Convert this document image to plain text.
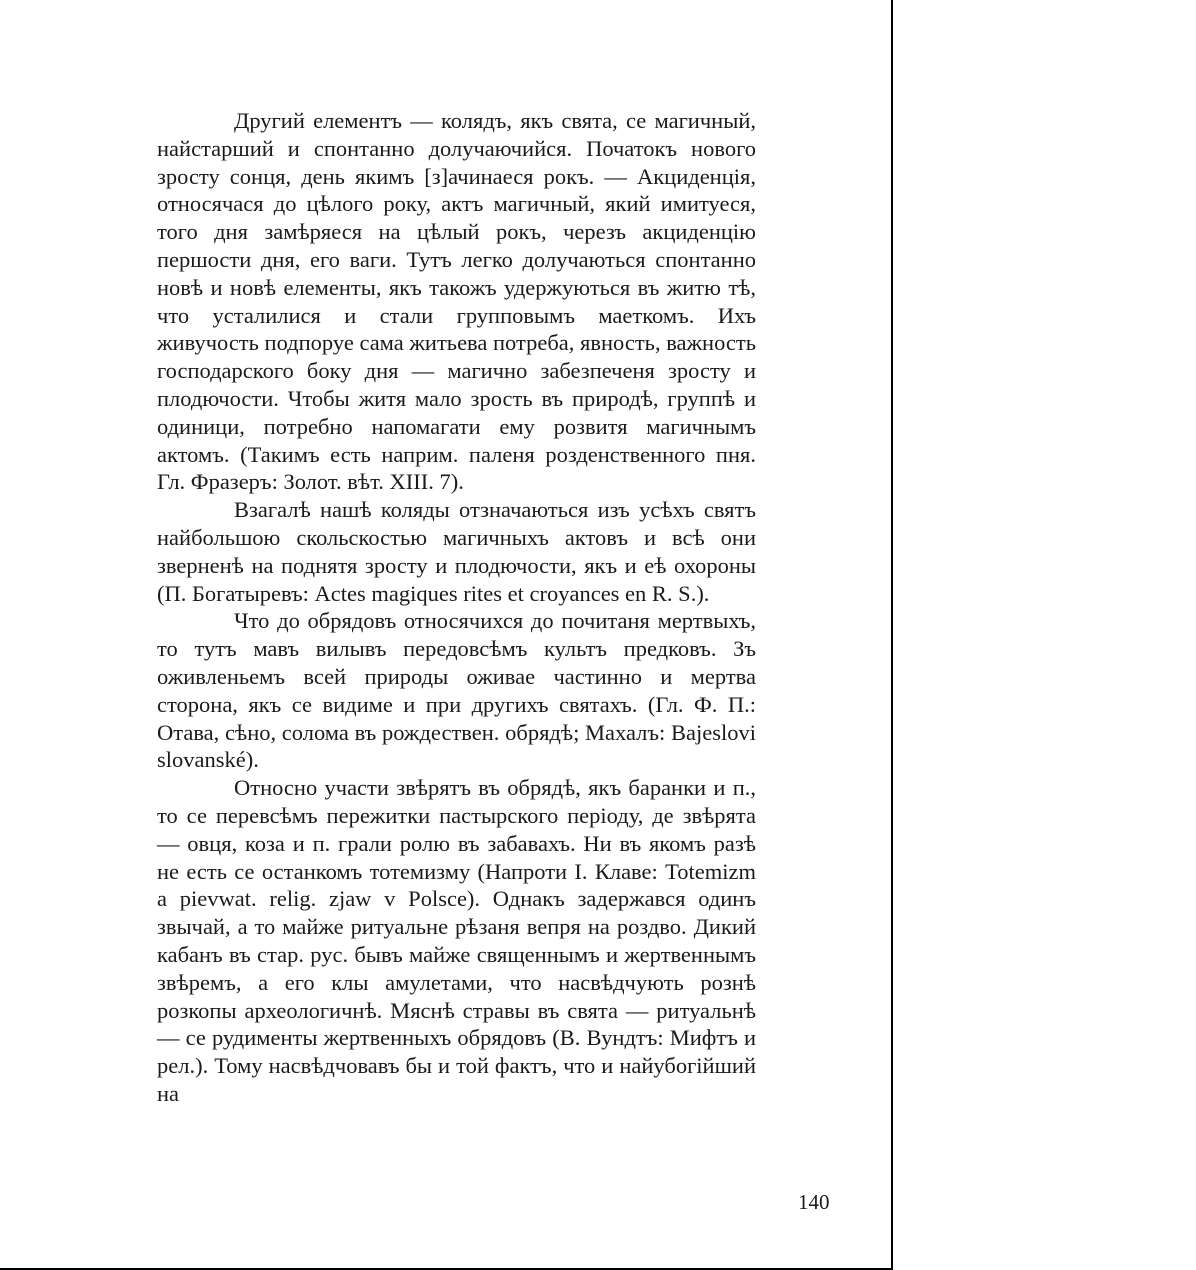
Другий елементъ — колядъ, якъ свята, се магичный, найстарший и спонтанно долучаючийся. Початокъ нового зросту сонця, день якимъ [з]ачинаеся рокъ. — Акциденція, относячася до цѣлого року, актъ магичный, який имитуеся, того дня замѣряеся на цѣлый рокъ, черезъ акциденцію першости дня, его ваги. Тутъ легко долучаються спонтанно новѣ и новѣ елементы, якъ такожъ удержуються въ житю тѣ, что усталилися и стали групповымъ маеткомъ. Ихъ живучость подпоруе сама житьева потреба, явность, важность господарского боку дня — магично забезпеченя зросту и плодючости. Чтобы житя мало зрость въ природѣ, группѣ и одиници, потребно напомагати ему розвитя магичнымъ актомъ. (Такимъ есть наприм. паленя розденственного пня. Гл. Фразеръ: Золот. вѣт. XIII. 7).

Взагалѣ нашѣ коляды отзначаються изъ усѣхъ святъ найбольшою скольскостью магичныхъ актовъ и всѣ они зверненѣ на поднятя зросту и плодючости, якъ и еѣ охороны (П. Богатыревъ: Actes magiques rites et croyances en R. S.).

Что до обрядовъ относячихся до почитаня мертвыхъ, то тутъ мавъ вилывъ передовсѣмъ культъ предковъ. Зъ оживленьемъ всей природы оживае частинно и мертва сторона, якъ се видиме и при другихъ святахъ. (Гл. Ф. П.: Отава, сѣно, солома въ рождествен. обрядѣ; Махалъ: Bajeslovi slovanské).

Относно участи звѣрятъ въ обрядѣ, якъ баранки и п., то се перевсѣмъ пережитки пастырского періоду, де звѣрята — овця, коза и п. грали ролю въ забавахъ. Ни въ якомъ разѣ не есть се останкомъ тотемизму (Напроти І. Клаве: Totemizm a pievwat. relig. zjaw v Polsce). Однакъ задержався одинъ звычай, а то майже ритуальне рѣзаня вепря на роздво. Дикий кабанъ въ стар. рус. бывъ майже священнымъ и жертвеннымъ звѣремъ, а его клы амулетами, что насвѣдчують рознѣ розкопы археологичнѣ. Мяснѣ стравы въ свята — ритуальнѣ — се рудименты жертвенныхъ обрядовъ (В. Вундтъ: Мифтъ и рел.). Тому насвѣдчовавъ бы и той фактъ, что и найубогійший на

140
